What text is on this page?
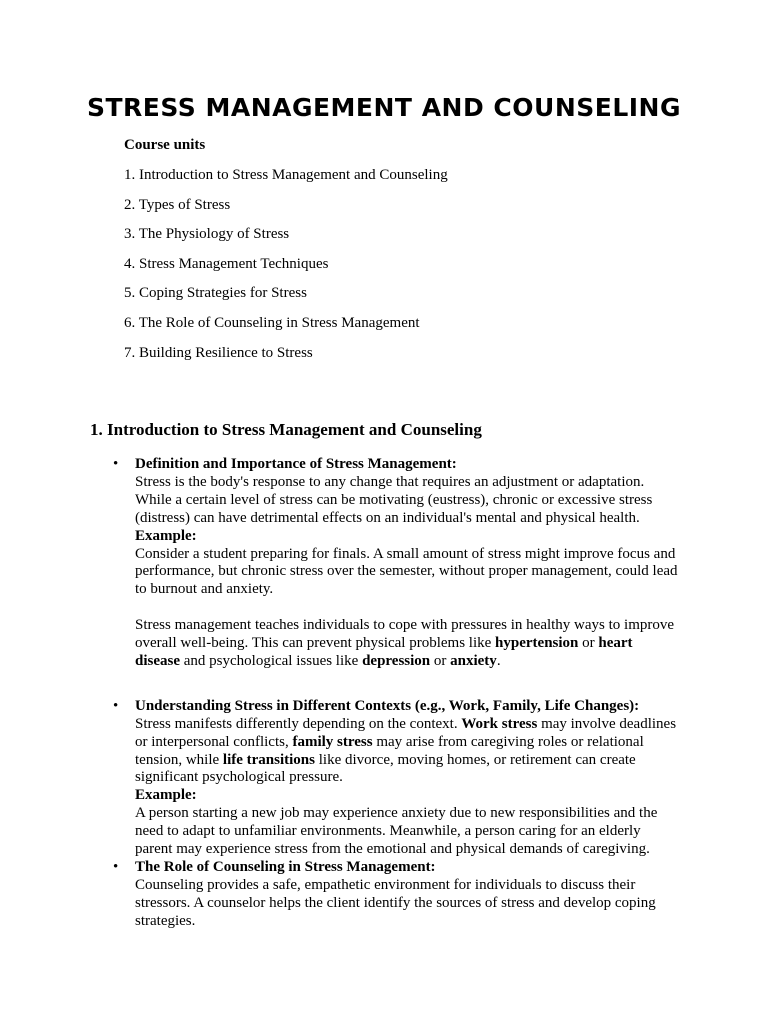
STRESS MANAGEMENT AND COUNSELING

Course units

1. Introduction to Stress Management and Counseling

2. Types of Stress

3. The Physiology of Stress

4. Stress Management Techniques

5. Coping Strategies for Stress

6. The Role of Counseling in Stress Management

7. Building Resilience to Stress

1. Introduction to Stress Management and Counseling
• Definition and Importance of Stress Management:

Stress is the body's response to any change that requires an adjustment or adaptation. While a certain level of stress can be motivating (eustress), chronic or excessive stress (distress) can have detrimental effects on an individual's mental and physical health.

Example:

Consider a student preparing for finals. A small amount of stress might improve focus and performance, but chronic stress over the semester, without proper management, could lead to burnout and anxiety.

Stress management teaches individuals to cope with pressures in healthy ways to improve overall well-being. This can prevent physical problems like hypertension or heart disease and psychological issues like depression or anxiety.

• Understanding Stress in Different Contexts (e.g., Work, Family, Life Changes):

Stress manifests differently depending on the context. Work stress may involve deadlines or interpersonal conflicts, family stress may arise from caregiving roles or relational tension, while life transitions like divorce, moving homes, or retirement can create significant psychological pressure.

Example:

A person starting a new job may experience anxiety due to new responsibilities and the need to adapt to unfamiliar environments. Meanwhile, a person caring for an elderly parent may experience stress from the emotional and physical demands of caregiving.

• The Role of Counseling in Stress Management:

Counseling provides a safe, empathetic environment for individuals to discuss their stressors. A counselor helps the client identify the sources of stress and develop coping strategies.
